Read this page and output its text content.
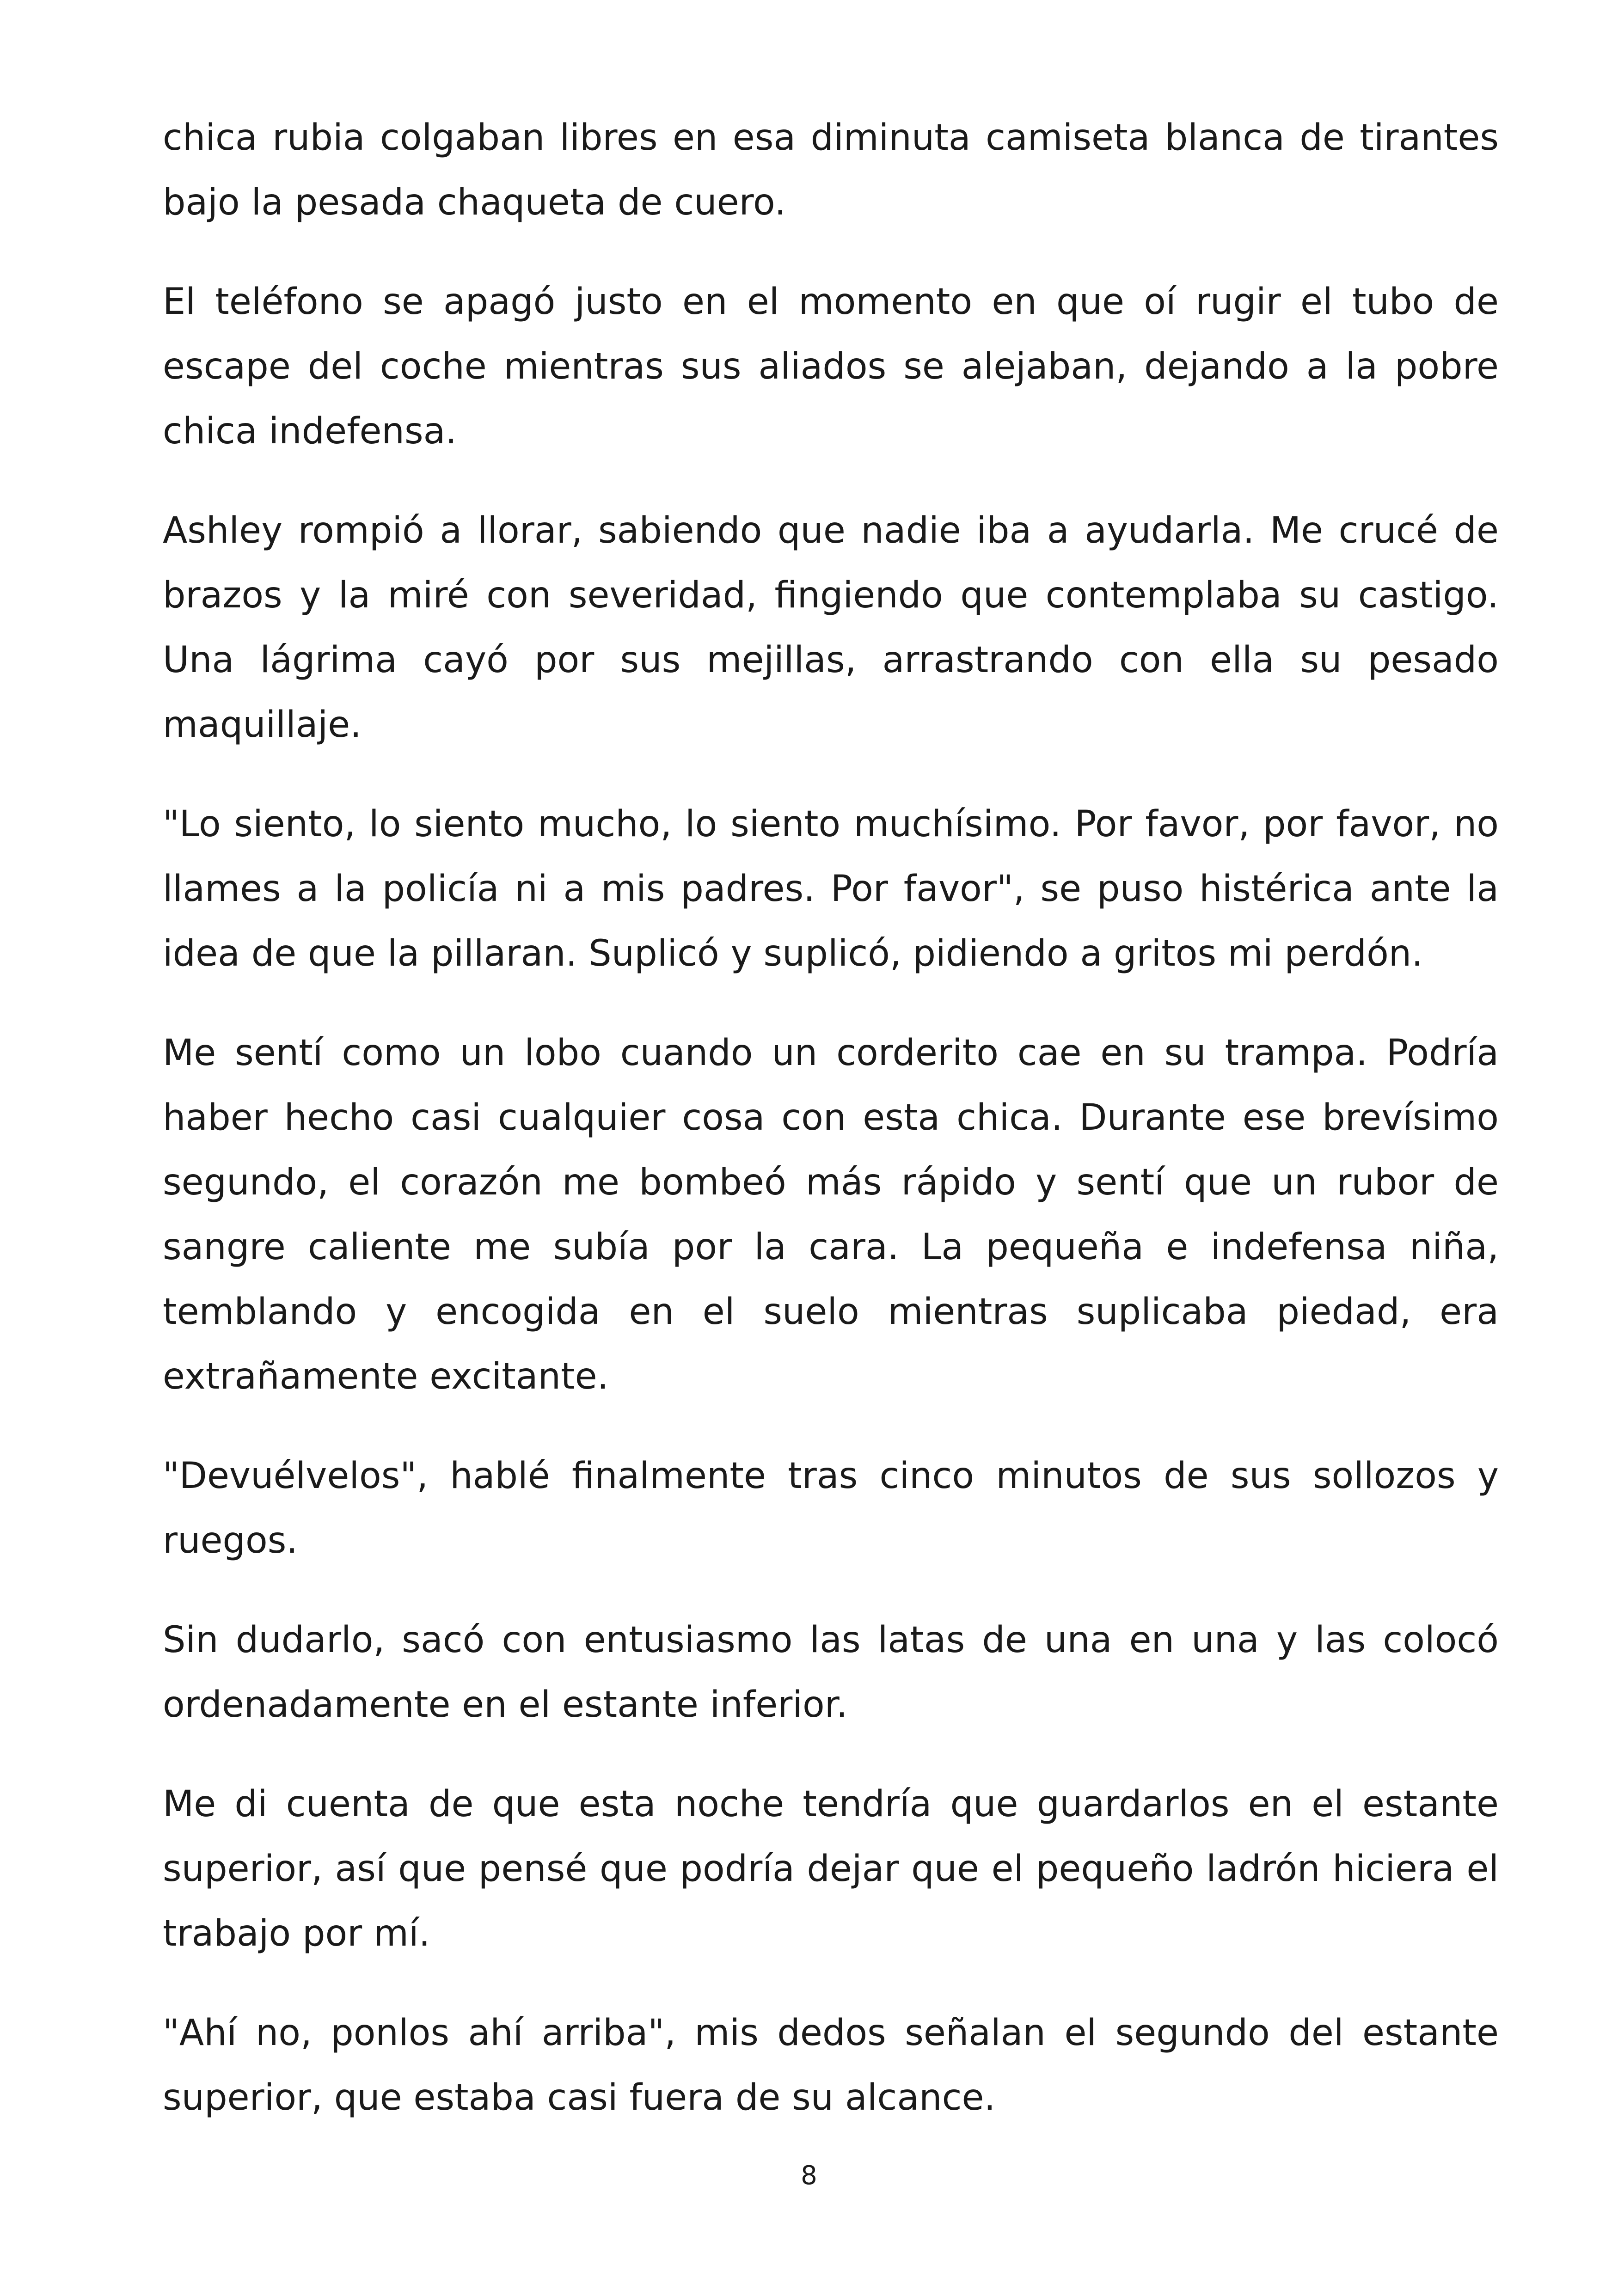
chica rubia colgaban libres en esa diminuta camiseta blanca de tirantes bajo la pesada chaqueta de cuero.

El teléfono se apagó justo en el momento en que oí rugir el tubo de escape del coche mientras sus aliados se alejaban, dejando a la pobre chica indefensa.

Ashley rompió a llorar, sabiendo que nadie iba a ayudarla. Me crucé de brazos y la miré con severidad, fingiendo que contemplaba su castigo. Una lágrima cayó por sus mejillas, arrastrando con ella su pesado maquillaje.

"Lo siento, lo siento mucho, lo siento muchísimo. Por favor, por favor, no llames a la policía ni a mis padres. Por favor", se puso histérica ante la idea de que la pillaran. Suplicó y suplicó, pidiendo a gritos mi perdón.

Me sentí como un lobo cuando un corderito cae en su trampa. Podría haber hecho casi cualquier cosa con esta chica. Durante ese brevísimo segundo, el corazón me bombeó más rápido y sentí que un rubor de sangre caliente me subía por la cara. La pequeña e indefensa niña, temblando y encogida en el suelo mientras suplicaba piedad, era extrañamente excitante.

"Devuélvelos", hablé finalmente tras cinco minutos de sus sollozos y ruegos.

Sin dudarlo, sacó con entusiasmo las latas de una en una y las colocó ordenadamente en el estante inferior.

Me di cuenta de que esta noche tendría que guardarlos en el estante superior, así que pensé que podría dejar que el pequeño ladrón hiciera el trabajo por mí.

"Ahí no, ponlos ahí arriba", mis dedos señalan el segundo del estante superior, que estaba casi fuera de su alcance.

8
